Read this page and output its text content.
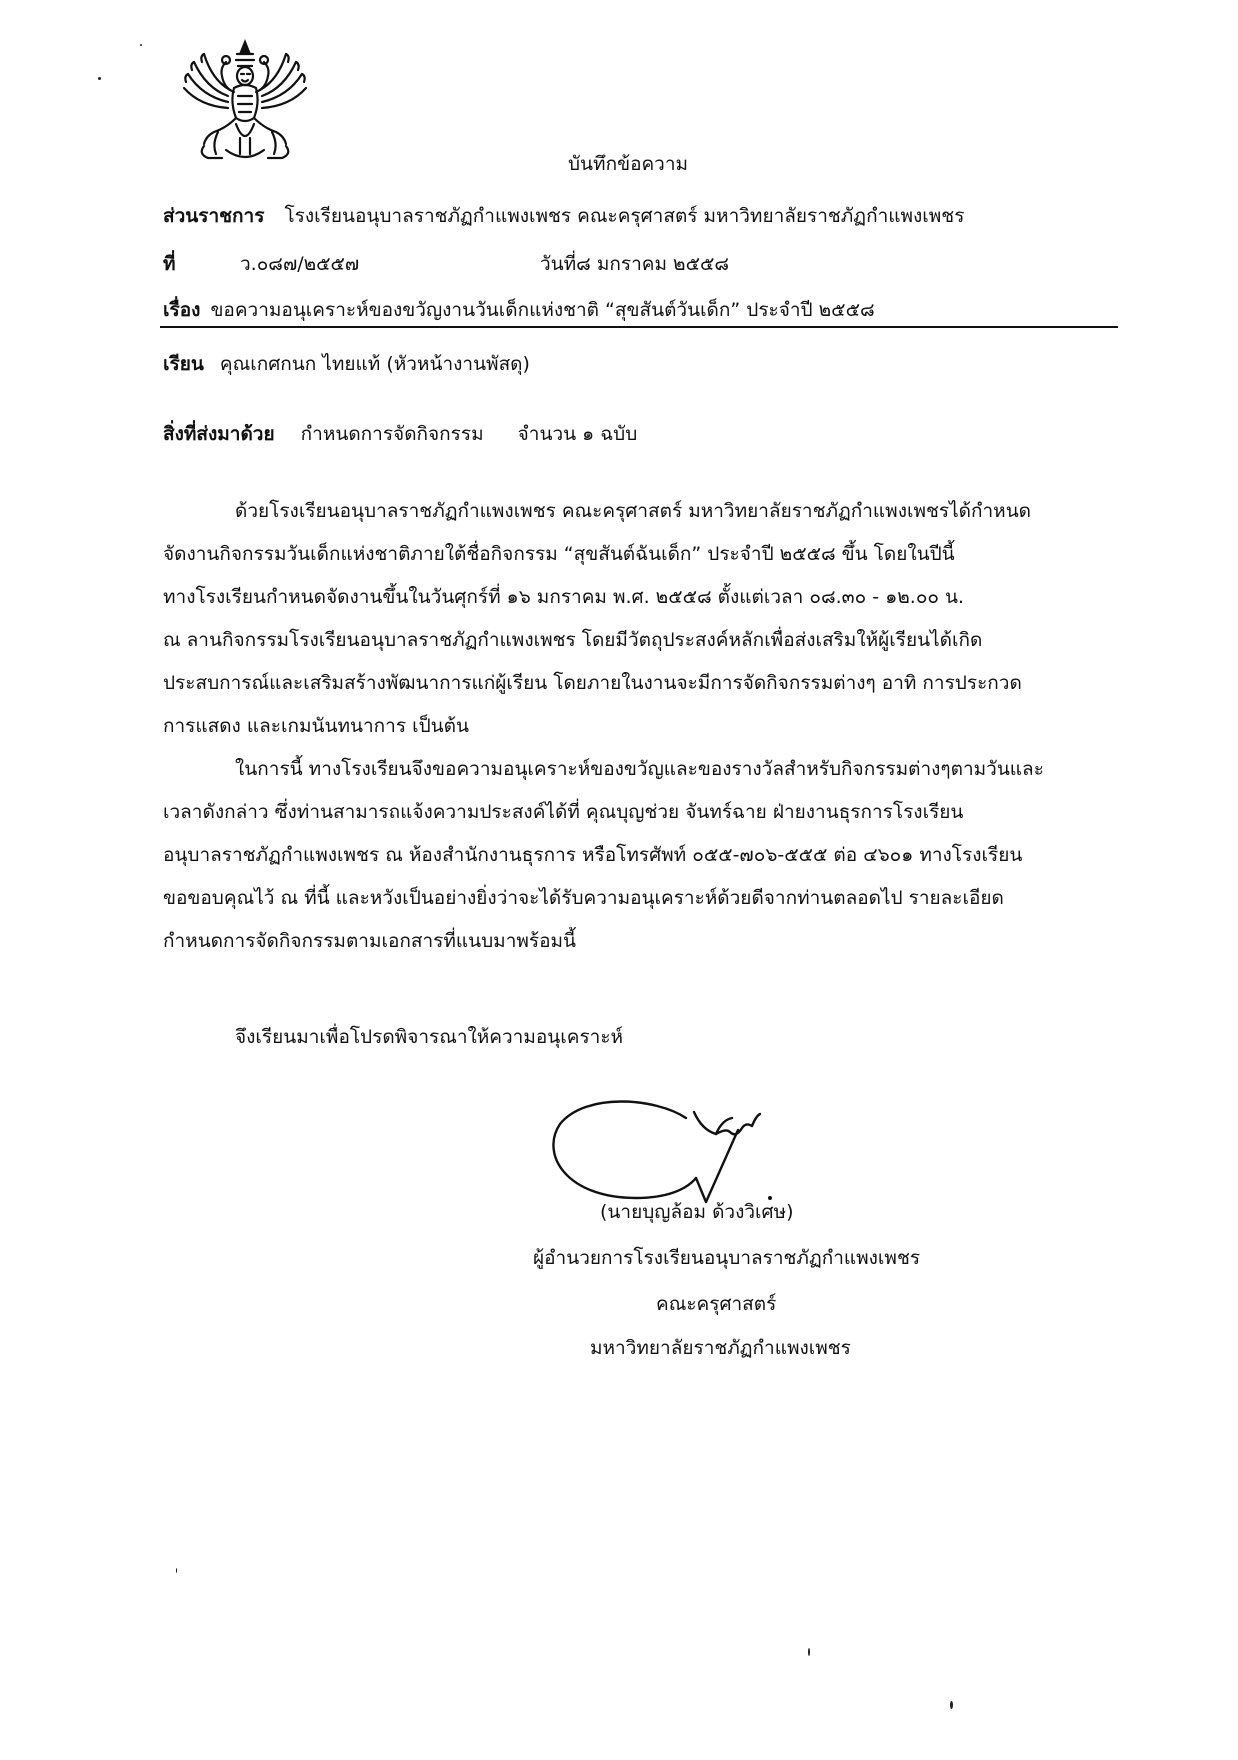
บันทึกข้อความ
ส่วนราชการ โรงเรียนอนุบาลราชภัฏกำแพงเพชร คณะครุศาสตร์ มหาวิทยาลัยราชภัฏกำแพงเพชร
ที่	ว.๐๘๗/๒๕๕๗	วันที่๘ มกราคม ๒๕๕๘
เรื่อง ขอความอนุเคราะห์ของขวัญงานวันเด็กแห่งชาติ “สุขสันต์วันเด็ก” ประจำปี ๒๕๕๘
เรียน คุณเกศกนก ไทยแท้ (หัวหน้างานพัสดุ)
สิ่งที่ส่งมาด้วย กำหนดการจัดกิจกรรม จำนวน ๑ ฉบับ
ด้วยโรงเรียนอนุบาลราชภัฏกำแพงเพชร คณะครุศาสตร์ มหาวิทยาลัยราชภัฏกำแพงเพชรได้กำหนด
จัดงานกิจกรรมวันเด็กแห่งชาติภายใต้ชื่อกิจกรรม “สุขสันต์ฉันเด็ก” ประจำปี ๒๕๕๘ ขึ้น โดยในปีนี้
ทางโรงเรียนกำหนดจัดงานขึ้นในวันศุกร์ที่ ๑๖ มกราคม พ.ศ. ๒๕๕๘ ตั้งแต่เวลา ๐๘.๓๐ - ๑๒.๐๐ น.
ณ ลานกิจกรรมโรงเรียนอนุบาลราชภัฏกำแพงเพชร โดยมีวัตถุประสงค์หลักเพื่อส่งเสริมให้ผู้เรียนได้เกิด
ประสบการณ์และเสริมสร้างพัฒนาการแก่ผู้เรียน โดยภายในงานจะมีการจัดกิจกรรมต่างๆ อาทิ การประกวด
การแสดง และเกมนันทนาการ เป็นต้น
ในการนี้ ทางโรงเรียนจึงขอความอนุเคราะห์ของขวัญและของรางวัลสำหรับกิจกรรมต่างๆตามวันและ
เวลาดังกล่าว ซึ่งท่านสามารถแจ้งความประสงค์ได้ที่ คุณบุญช่วย จันทร์ฉาย ฝ่ายงานธุรการโรงเรียน
อนุบาลราชภัฏกำแพงเพชร ณ ห้องสำนักงานธุรการ หรือโทรศัพท์ ๐๕๕-๗๐๖-๕๕๕ ต่อ ๔๖๐๑ ทางโรงเรียน
ขอขอบคุณไว้ ณ ที่นี้ และหวังเป็นอย่างยิ่งว่าจะได้รับความอนุเคราะห์ด้วยดีจากท่านตลอดไป รายละเอียด
กำหนดการจัดกิจกรรมตามเอกสารที่แนบมาพร้อมนี้
จึงเรียนมาเพื่อโปรดพิจารณาให้ความอนุเคราะห์
(นายบุญล้อม ด้วงวิเศษ)
ผู้อำนวยการโรงเรียนอนุบาลราชภัฏกำแพงเพชร
คณะครุศาสตร์
มหาวิทยาลัยราชภัฏกำแพงเพชร
